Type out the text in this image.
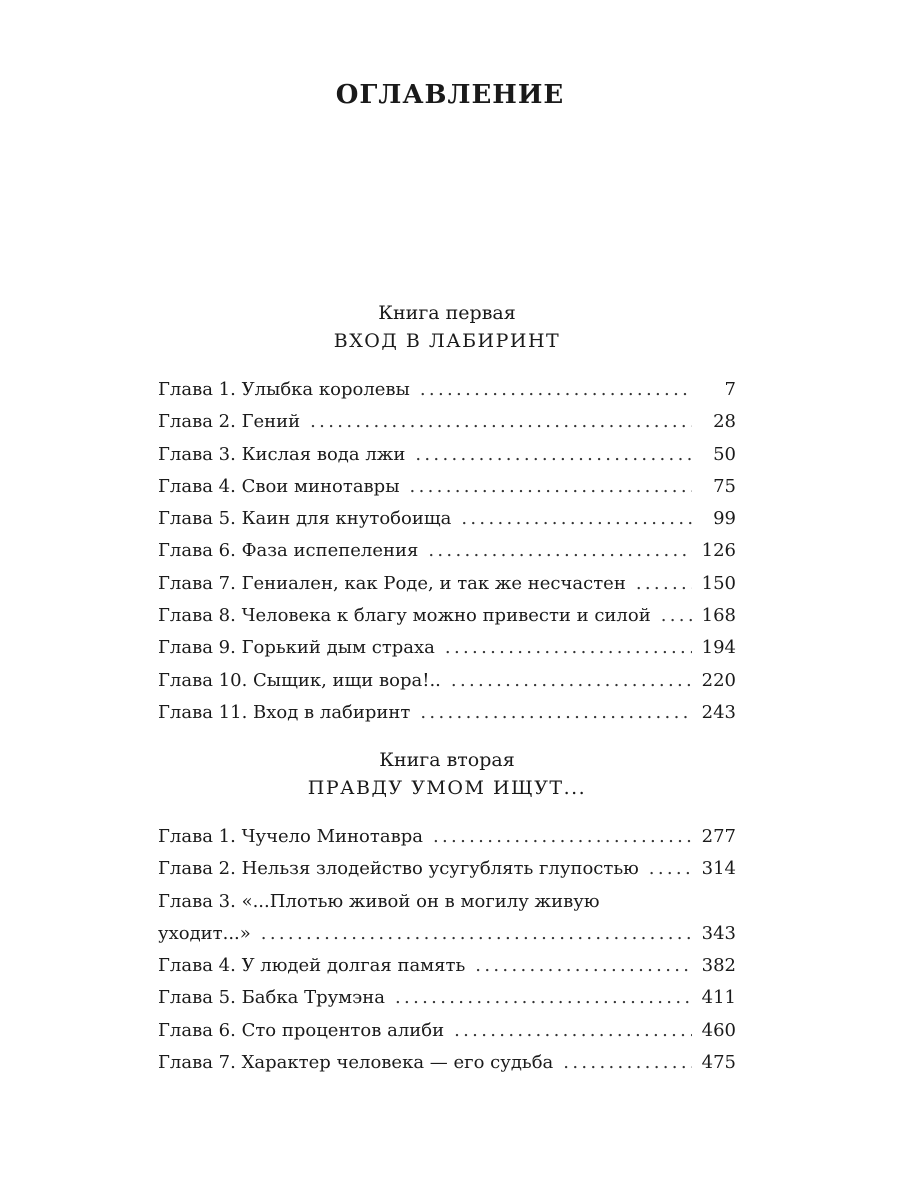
ОГЛАВЛЕНИЕ
Книга первая
ВХОД В ЛАБИРИНТ
Глава 1. Улыбка королевы . . .	7
Глава 2. Гений . . .	28
Глава 3. Кислая вода лжи . . .	50
Глава 4. Свои минотавры . . .	75
Глава 5. Каин для кнутобоища . . .	99
Глава 6. Фаза испепеления . . .	126
Глава 7. Гениален, как Роде, и так же несчастен . . .	150
Глава 8. Человека к благу можно привести и силой . . .	168
Глава 9. Горький дым страха . . .	194
Глава 10. Сыщик, ищи вора!.. . . .	220
Глава 11. Вход в лабиринт . . .	243
Книга вторая
ПРАВДУ УМОМ ИЩУТ...
Глава 1. Чучело Минотавра . . .	277
Глава 2. Нельзя злодейство усугублять глупостью . . .	314
Глава 3. «...Плотью живой он в могилу живую
уходит...» . . .	343
Глава 4. У людей долгая память . . .	382
Глава 5. Бабка Трумэна . . .	411
Глава 6. Сто процентов алиби . . .	460
Глава 7. Характер человека — его судьба . . .	475
